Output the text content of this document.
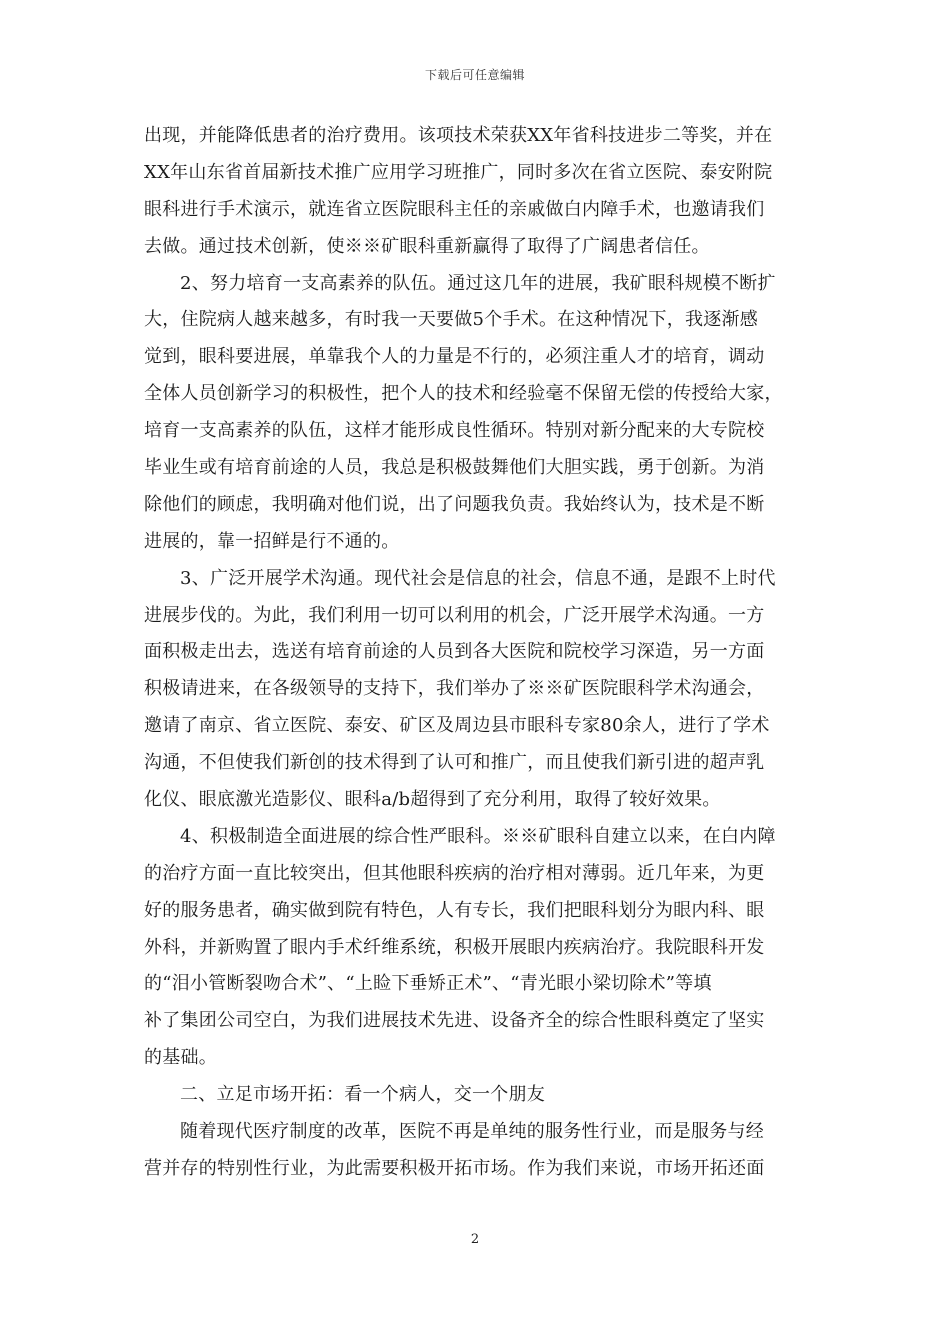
下载后可任意编辑
出现，并能降低患者的治疗费用。该项技术荣获XX年省科技进步二等奖，并在
XX年山东省首届新技术推广应用学习班推广，同时多次在省立医院、泰安附院
眼科进行手术演示，就连省立医院眼科主任的亲戚做白内障手术，也邀请我们
去做。通过技术创新，使※※矿眼科重新赢得了取得了广阔患者信任。
2、努力培育一支高素养的队伍。通过这几年的进展，我矿眼科规模不断扩
大，住院病人越来越多，有时我一天要做5个手术。在这种情况下，我逐渐感
觉到，眼科要进展，单靠我个人的力量是不行的，必须注重人才的培育，调动
全体人员创新学习的积极性，把个人的技术和经验毫不保留无偿的传授给大家，
培育一支高素养的队伍，这样才能形成良性循环。特别对新分配来的大专院校
毕业生或有培育前途的人员，我总是积极鼓舞他们大胆实践，勇于创新。为消
除他们的顾虑，我明确对他们说，出了问题我负责。我始终认为，技术是不断
进展的，靠一招鲜是行不通的。
3、广泛开展学术沟通。现代社会是信息的社会，信息不通，是跟不上时代
进展步伐的。为此，我们利用一切可以利用的机会，广泛开展学术沟通。一方
面积极走出去，选送有培育前途的人员到各大医院和院校学习深造，另一方面
积极请进来，在各级领导的支持下，我们举办了※※矿医院眼科学术沟通会，
邀请了南京、省立医院、泰安、矿区及周边县市眼科专家80余人，进行了学术
沟通，不但使我们新创的技术得到了认可和推广，而且使我们新引进的超声乳
化仪、眼底激光造影仪、眼科a/b超得到了充分利用，取得了较好效果。
4、积极制造全面进展的综合性严眼科。※※矿眼科自建立以来，在白内障
的治疗方面一直比较突出，但其他眼科疾病的治疗相对薄弱。近几年来，为更
好的服务患者，确实做到院有特色，人有专长，我们把眼科划分为眼内科、眼
外科，并新购置了眼内手术纤维系统，积极开展眼内疾病治疗。我院眼科开发
的“泪小管断裂吻合术”、“上睑下垂矫正术”、“青光眼小梁切除术”等填
补了集团公司空白，为我们进展技术先进、设备齐全的综合性眼科奠定了坚实
的基础。
二、立足市场开拓：看一个病人，交一个朋友
随着现代医疗制度的改革，医院不再是单纯的服务性行业，而是服务与经
营并存的特别性行业，为此需要积极开拓市场。作为我们来说，市场开拓还面
2
